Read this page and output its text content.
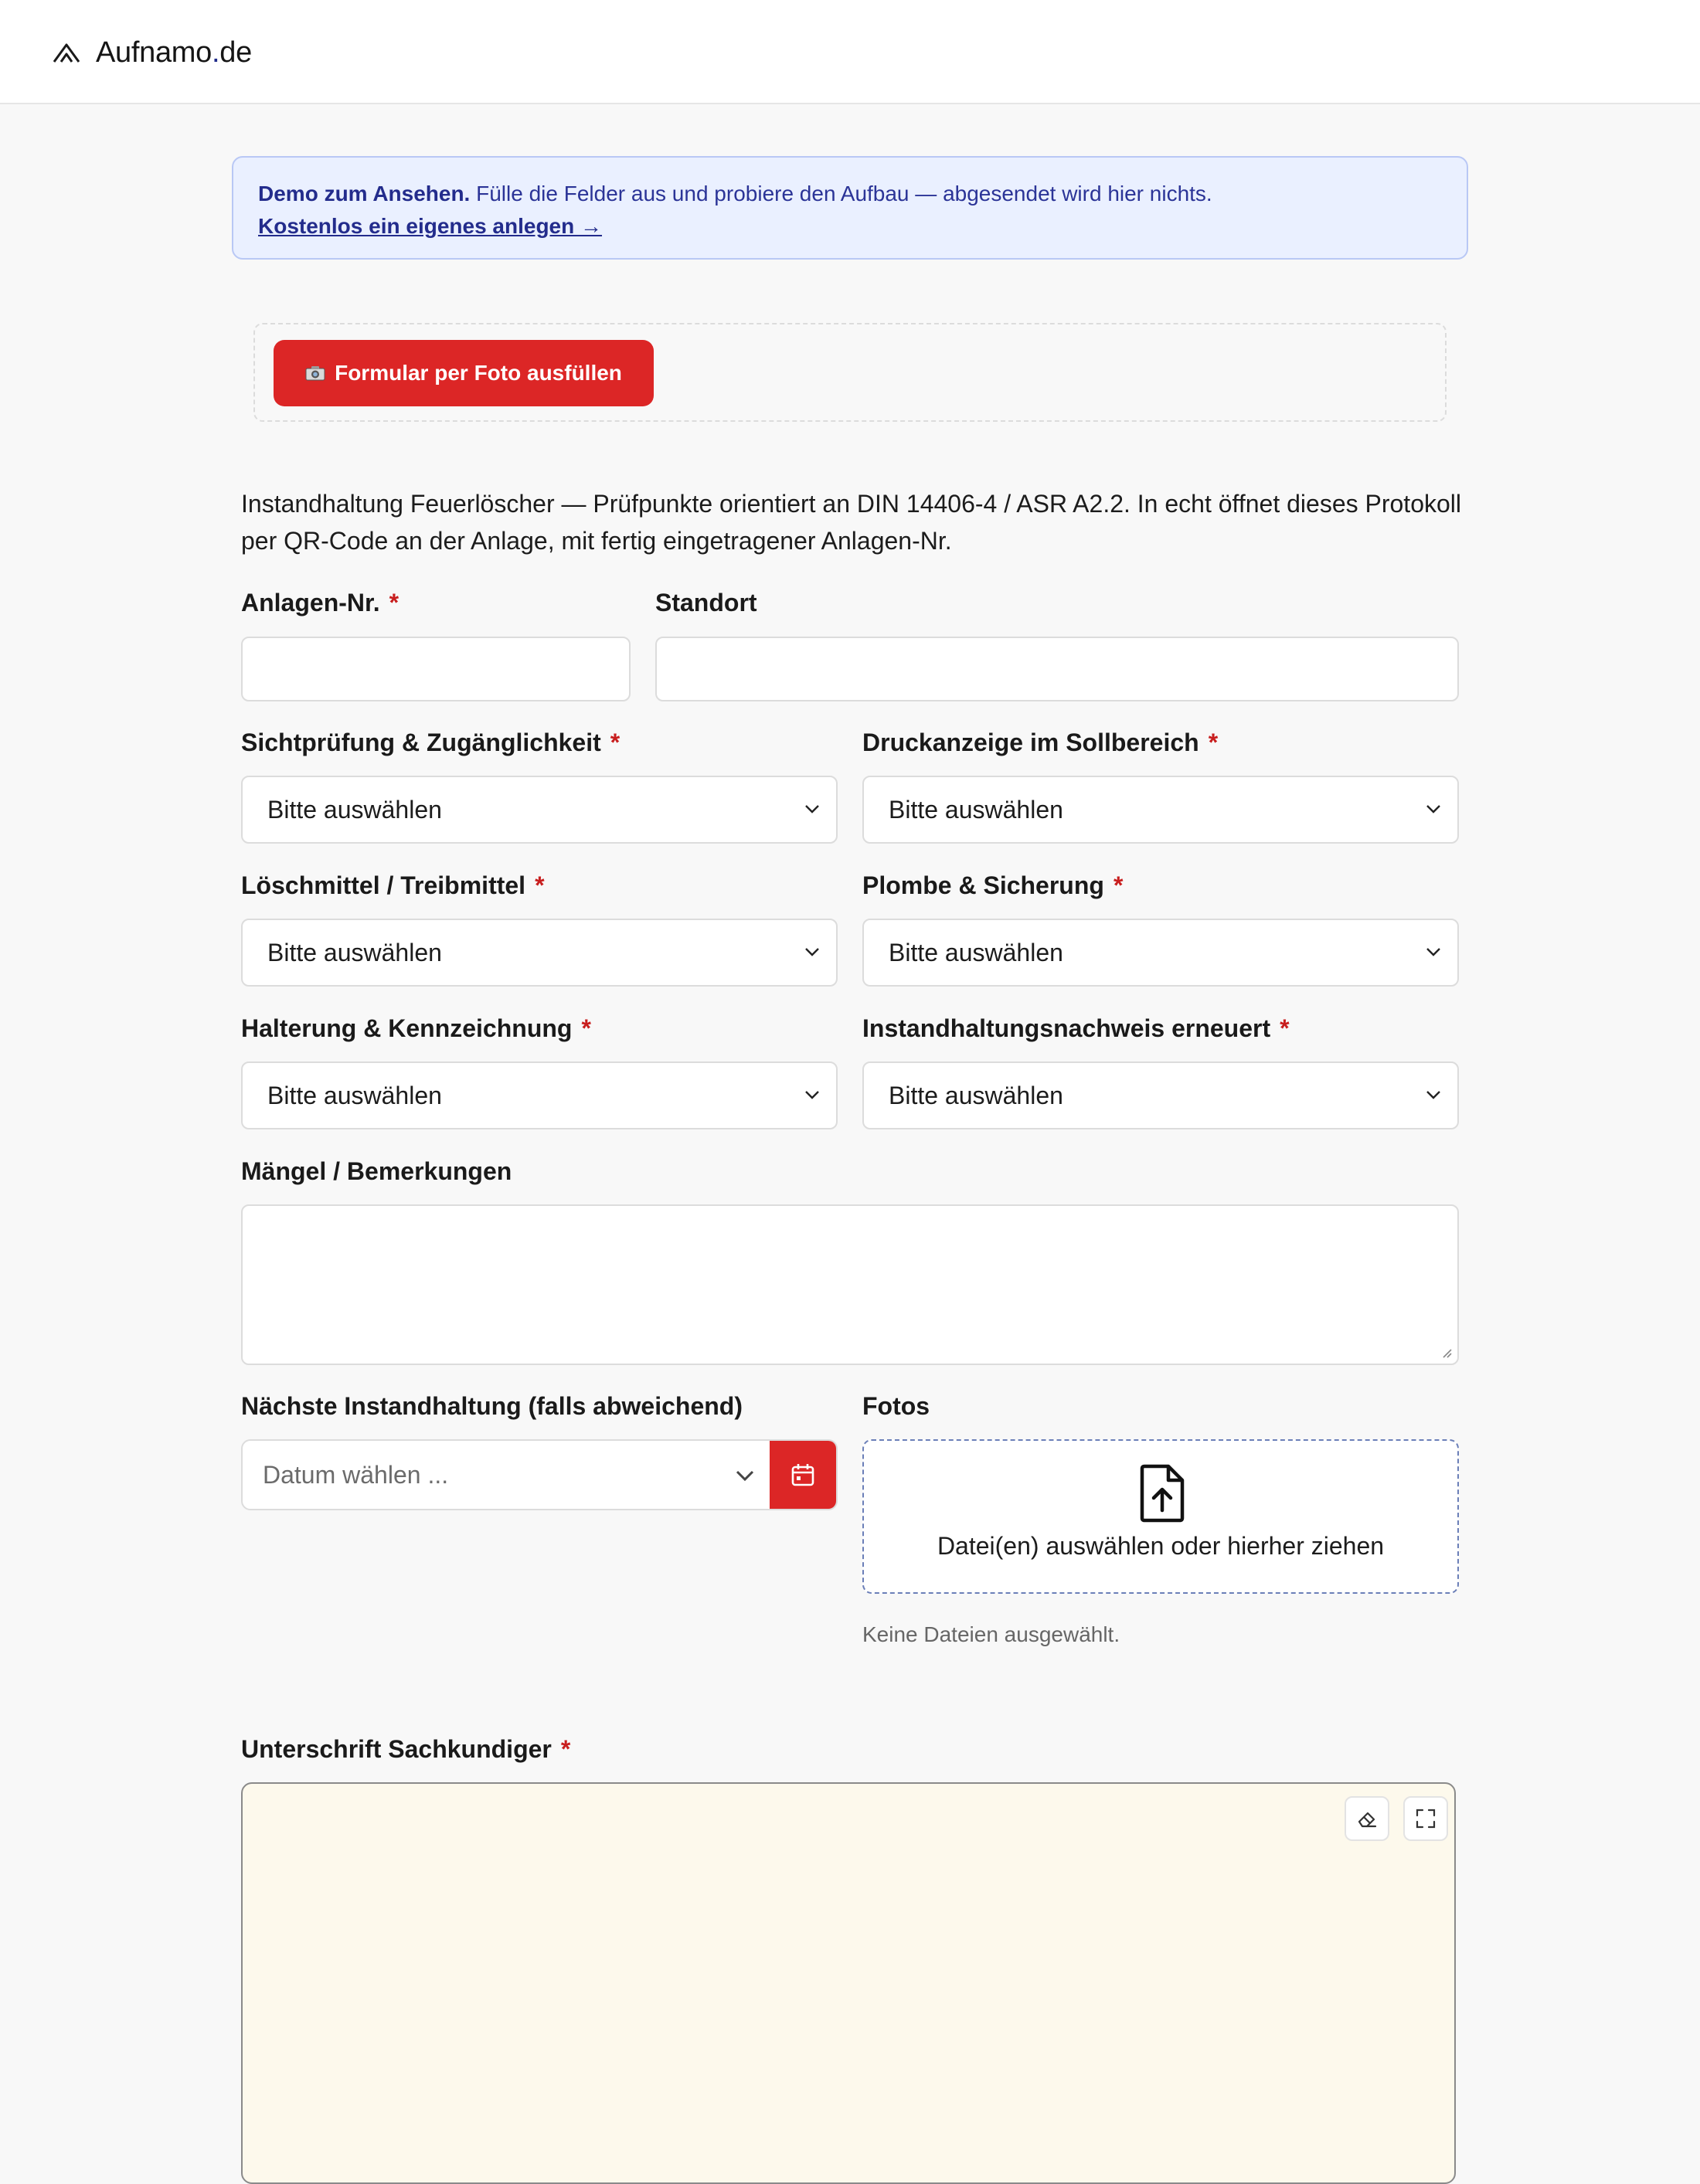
Aufnamo.de
Demo zum Ansehen. Fülle die Felder aus und probiere den Aufbau — abgesendet wird hier nichts.
Kostenlos ein eigenes anlegen →
Formular per Foto ausfüllen
Instandhaltung Feuerlöscher — Prüfpunkte orientiert an DIN 14406-4 / ASR A2.2. In echt öffnet dieses Protokoll per QR-Code an der Anlage, mit fertig eingetragener Anlagen-Nr.
Anlagen-Nr. *	Standort
Sichtprüfung & Zugänglichkeit *
Bitte auswählen
Druckanzeige im Sollbereich *
Bitte auswählen
Löschmittel / Treibmittel *
Bitte auswählen
Plombe & Sicherung *
Bitte auswählen
Halterung & Kennzeichnung *
Bitte auswählen
Instandhaltungsnachweis erneuert *
Bitte auswählen
Mängel / Bemerkungen
Nächste Instandhaltung (falls abweichend)
Datum wählen ...
Fotos
Datei(en) auswählen oder hierher ziehen
Keine Dateien ausgewählt.
Unterschrift Sachkundiger *
